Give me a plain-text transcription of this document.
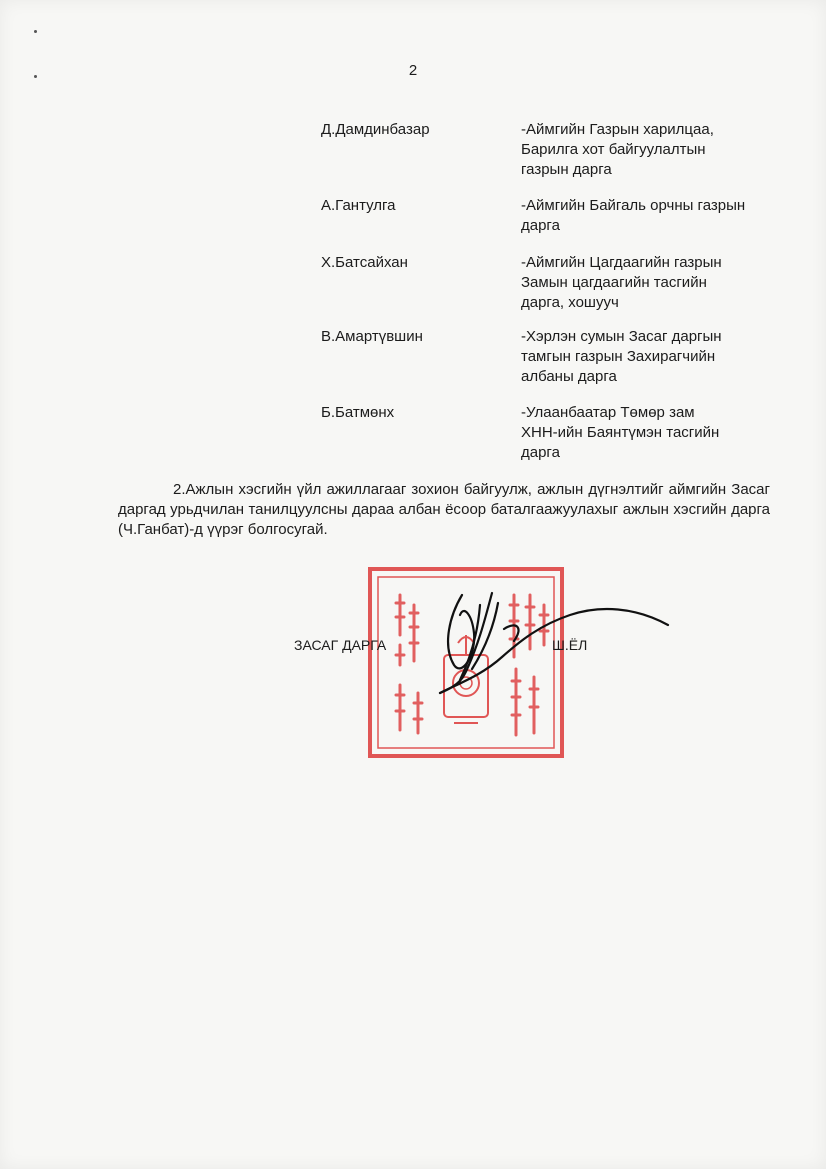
2
Д.Дамдинбазар	-Аймгийн Газрын харилцаа,
Барилга хот байгуулалтын
газрын дарга
А.Гантулга	-Аймгийн Байгаль орчны газрын
дарга
Х.Батсайхан	-Аймгийн Цагдаагийн газрын
Замын цагдаагийн тасгийн
дарга, хошууч
В.Амартүвшин	-Хэрлэн сумын Засаг даргын
тамгын газрын Захирагчийн
албаны дарга
Б.Батмөнх	-Улаанбаатар Төмөр зам
ХНН-ийн Баянтүмэн тасгийн
дарга
2.Ажлын хэсгийн үйл ажиллагааг зохион байгуулж, ажлын дүгнэлтийг аймгийн Засаг даргад урьдчилан танилцуулсны дараа албан ёсоор баталгаажуулахыг ажлын хэсгийн дарга (Ч.Ганбат)-д үүрэг болгосугай.
ЗАСАГ ДАРГА	Ш.ЁЛ
